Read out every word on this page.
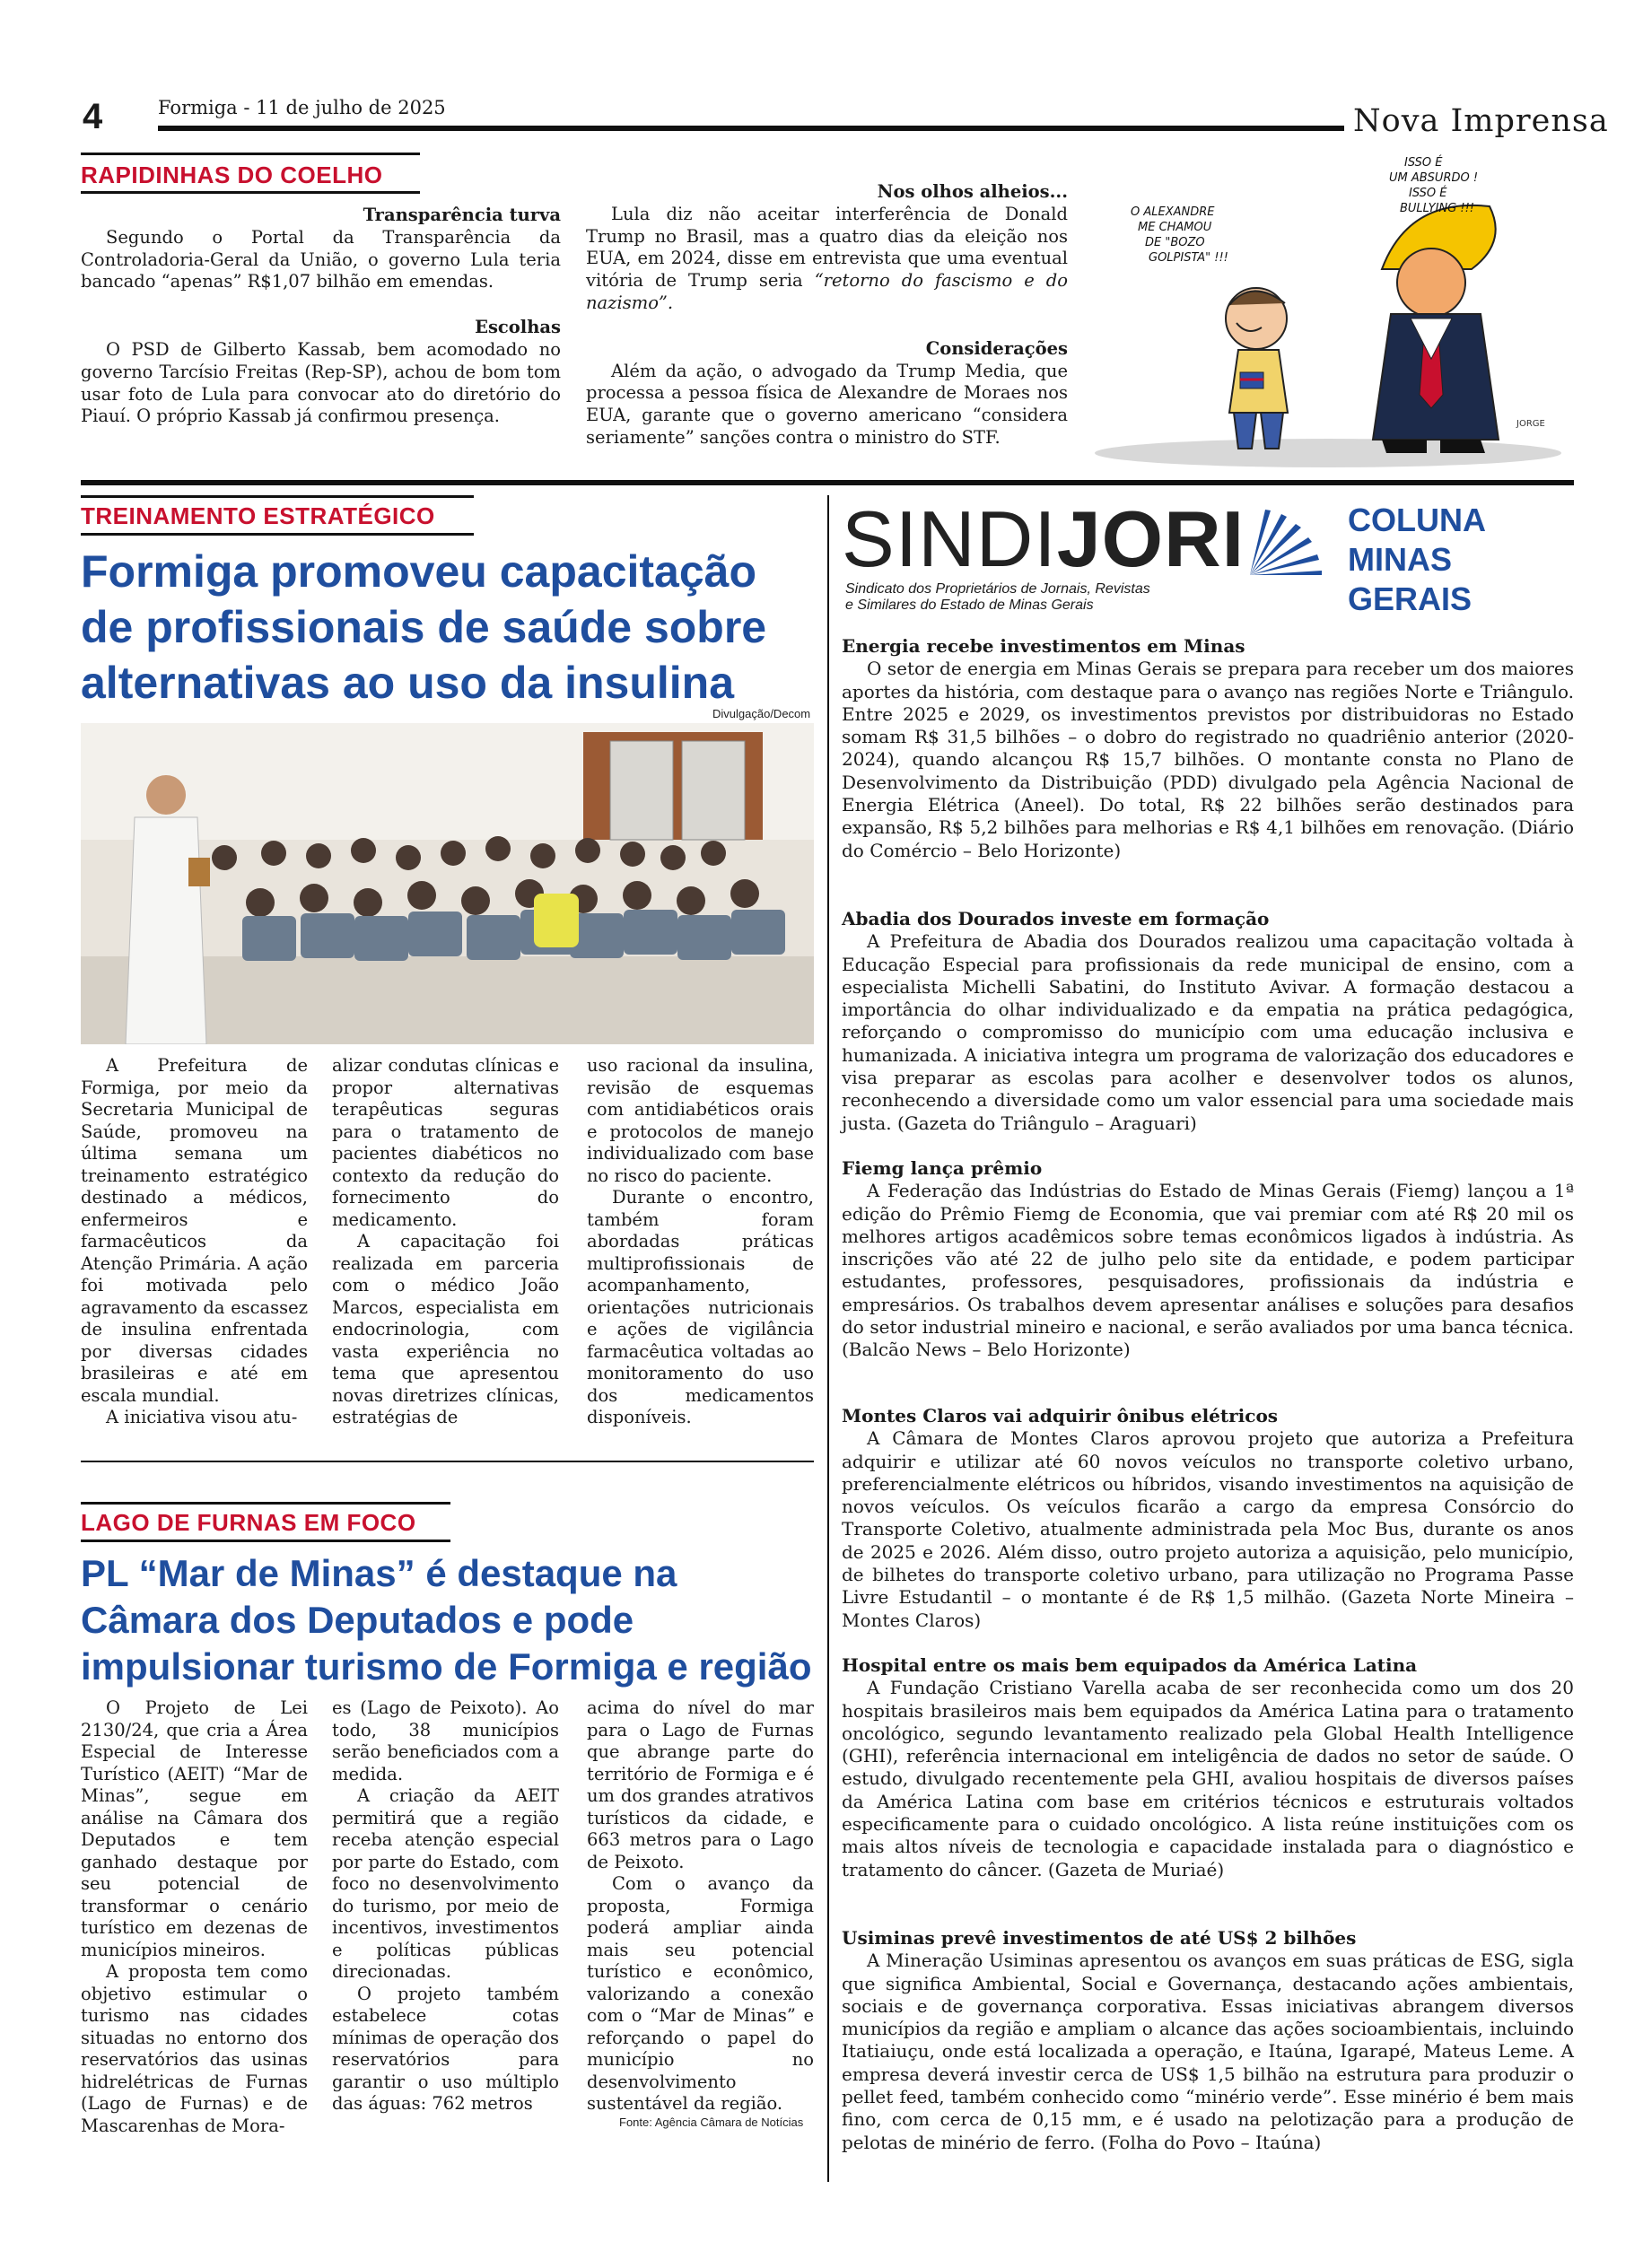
4	Formiga - 11 de julho de 2025	Nova Imprensa
RAPIDINHAS DO COELHO
Transparência turva

Segundo o Portal da Transparência da Controladoria-Geral da União, o governo Lula teria bancado “apenas” R$1,07 bilhão em emendas.

Escolhas

O PSD de Gilberto Kassab, bem acomodado no governo Tarcísio Freitas (Rep-SP), achou de bom tom usar foto de Lula para convocar ato do diretório do Piauí. O próprio Kassab já confirmou presença.

Nos olhos alheios...

Lula diz não aceitar interferência de Donald Trump no Brasil, mas a quatro dias da eleição nos EUA, em 2024, disse em entrevista que uma eventual vitória de Trump seria “retorno do fascismo e do nazismo”.

Considerações

Além da ação, o advogado da Trump Media, que processa a pessoa física de Alexandre de Moraes nos EUA, garante que o governo americano “considera seriamente” sanções contra o ministro do STF.

O ALEXANDRE
ME CHAMOU
DE "BOZO
GOLPISTA" !!!
ISSO É
UM ABSURDO !
ISSO É
BULLYING !!!
JORGE
TREINAMENTO ESTRATÉGICO
Formiga promoveu capacitação de profissionais de saúde sobre alternativas ao uso da insulina
Divulgação/Decom

A Prefeitura de Formiga, por meio da Secretaria Municipal de Saúde, promoveu na última semana um treinamento estratégico destinado a médicos, enfermeiros e farmacêuticos da Atenção Primária. A ação foi motivada pelo agravamento da escassez de insulina enfrentada por diversas cidades brasileiras e até em escala mundial.

A iniciativa visou atu-

alizar condutas clínicas e propor alternativas terapêuticas seguras para o tratamento de pacientes diabéticos no contexto da redução do fornecimento do medicamento.

A capacitação foi realizada em parceria com o médico João Marcos, especialista em endocrinologia, com vasta experiência no tema que apresentou novas diretrizes clínicas, estratégias de

uso racional da insulina, revisão de esquemas com antidiabéticos orais e protocolos de manejo individualizado com base no risco do paciente.

Durante o encontro, também foram abordadas práticas multiprofissionais de acompanhamento, orientações nutricionais e ações de vigilância farmacêutica voltadas ao monitoramento do uso dos medicamentos disponíveis.

LAGO DE FURNAS EM FOCO
PL “Mar de Minas” é destaque na Câmara dos Deputados e pode impulsionar turismo de Formiga e região

O Projeto de Lei 2130/24, que cria a Área Especial de Interesse Turístico (AEIT) “Mar de Minas”, segue em análise na Câmara dos Deputados e tem ganhado destaque por seu potencial de transformar o cenário turístico em dezenas de municípios mineiros.

A proposta tem como objetivo estimular o turismo nas cidades situadas no entorno dos reservatórios das usinas hidrelétricas de Furnas (Lago de Furnas) e de Mascarenhas de Mora-

es (Lago de Peixoto). Ao todo, 38 municípios serão beneficiados com a medida.

A criação da AEIT permitirá que a região receba atenção especial por parte do Estado, com foco no desenvolvimento do turismo, por meio de incentivos, investimentos e políticas públicas direcionadas.

O projeto também estabelece cotas mínimas de operação dos reservatórios para garantir o uso múltiplo das águas: 762 metros

acima do nível do mar para o Lago de Furnas que abrange parte do território de Formiga e é um dos grandes atrativos turísticos da cidade, e 663 metros para o Lago de Peixoto.

Com o avanço da proposta, Formiga poderá ampliar ainda mais seu potencial turístico e econômico, valorizando a conexão com o “Mar de Minas” e reforçando o papel do município no desenvolvimento sustentável da região.

Fonte: Agência Câmara de Notícias
SINDIJORI
Sindicato dos Proprietários de Jornais, Revistas
e Similares do Estado de Minas Gerais
COLUNA
MINAS
GERAIS
Energia recebe investimentos em Minas

O setor de energia em Minas Gerais se prepara para receber um dos maiores aportes da história, com destaque para o avanço nas regiões Norte e Triângulo. Entre 2025 e 2029, os investimentos previstos por distribuidoras no Estado somam R$ 31,5 bilhões – o dobro do registrado no quadriênio anterior (2020-2024), quando alcançou R$ 15,7 bilhões. O montante consta no Plano de Desenvolvimento da Distribuição (PDD) divulgado pela Agência Nacional de Energia Elétrica (Aneel). Do total, R$ 22 bilhões serão destinados para expansão, R$ 5,2 bilhões para melhorias e R$ 4,1 bilhões em renovação. (Diário do Comércio – Belo Horizonte)

Abadia dos Dourados investe em formação

A Prefeitura de Abadia dos Dourados realizou uma capacitação voltada à Educação Especial para profissionais da rede municipal de ensino, com a especialista Michelli Sabatini, do Instituto Avivar. A formação destacou a importância do olhar individualizado e da empatia na prática pedagógica, reforçando o compromisso do município com uma educação inclusiva e humanizada. A iniciativa integra um programa de valorização dos educadores e visa preparar as escolas para acolher e desenvolver todos os alunos, reconhecendo a diversidade como um valor essencial para uma sociedade mais justa. (Gazeta do Triângulo – Araguari)

Fiemg lança prêmio

A Federação das Indústrias do Estado de Minas Gerais (Fiemg) lançou a 1ª edição do Prêmio Fiemg de Economia, que vai premiar com até R$ 20 mil os melhores artigos acadêmicos sobre temas econômicos ligados à indústria. As inscrições vão até 22 de julho pelo site da entidade, e podem participar estudantes, professores, pesquisadores, profissionais da indústria e empresários. Os trabalhos devem apresentar análises e soluções para desafios do setor industrial mineiro e nacional, e serão avaliados por uma banca técnica. (Balcão News – Belo Horizonte)

Montes Claros vai adquirir ônibus elétricos

A Câmara de Montes Claros aprovou projeto que autoriza a Prefeitura adquirir e utilizar até 60 novos veículos no transporte coletivo urbano, preferencialmente elétricos ou híbridos, visando investimentos na aquisição de novos veículos. Os veículos ficarão a cargo da empresa Consórcio do Transporte Coletivo, atualmente administrada pela Moc Bus, durante os anos de 2025 e 2026. Além disso, outro projeto autoriza a aquisição, pelo município, de bilhetes do transporte coletivo urbano, para utilização no Programa Passe Livre Estudantil – o montante é de R$ 1,5 milhão. (Gazeta Norte Mineira – Montes Claros)

Hospital entre os mais bem equipados da América Latina

A Fundação Cristiano Varella acaba de ser reconhecida como um dos 20 hospitais brasileiros mais bem equipados da América Latina para o tratamento oncológico, segundo levantamento realizado pela Global Health Intelligence (GHI), referência internacional em inteligência de dados no setor de saúde. O estudo, divulgado recentemente pela GHI, avaliou hospitais de diversos países da América Latina com base em critérios técnicos e estruturais voltados especificamente para o cuidado oncológico. A lista reúne instituições com os mais altos níveis de tecnologia e capacidade instalada para o diagnóstico e tratamento do câncer. (Gazeta de Muriaé)

Usiminas prevê investimentos de até US$ 2 bilhões

A Mineração Usiminas apresentou os avanços em suas práticas de ESG, sigla que significa Ambiental, Social e Governança, destacando ações ambientais, sociais e de governança corporativa. Essas iniciativas abrangem diversos municípios da região e ampliam o alcance das ações socioambientais, incluindo Itatiaiuçu, onde está localizada a operação, e Itaúna, Igarapé, Mateus Leme. A empresa deverá investir cerca de US$ 1,5 bilhão na estrutura para produzir o pellet feed, também conhecido como “minério verde”. Esse minério é bem mais fino, com cerca de 0,15 mm, e é usado na pelotização para a produção de pelotas de minério de ferro. (Folha do Povo – Itaúna)
